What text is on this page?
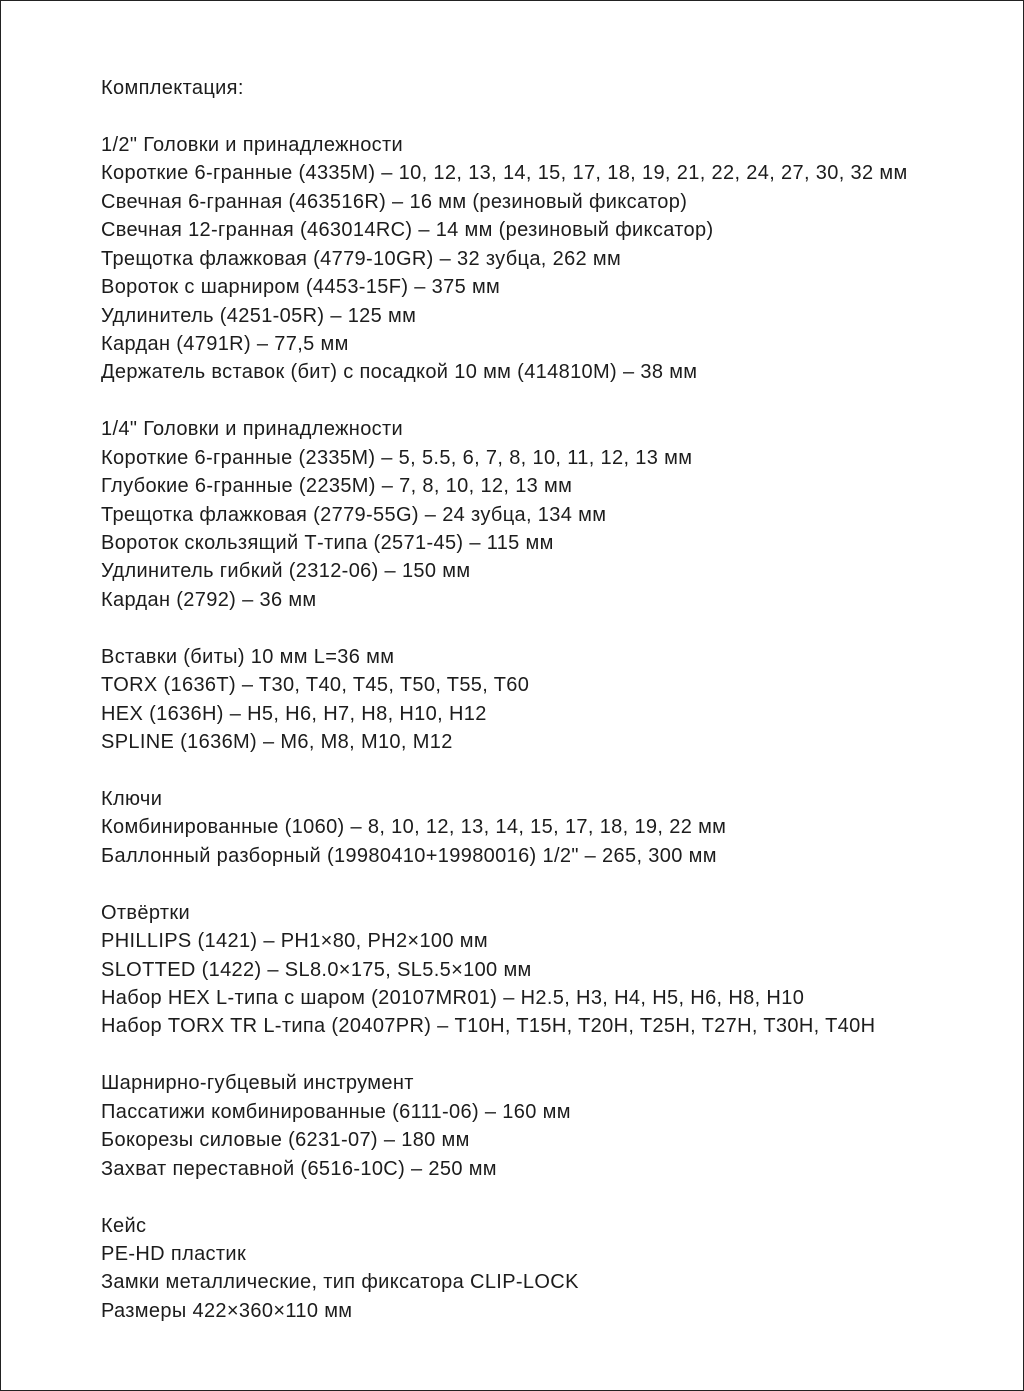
Комплектация:
1/2" Головки и принадлежности
Короткие 6-гранные (4335M) – 10, 12, 13, 14, 15, 17, 18, 19, 21, 22, 24, 27, 30, 32 мм
Свечная 6-гранная (463516R) – 16 мм (резиновый фиксатор)
Свечная 12-гранная (463014RC) – 14 мм (резиновый фиксатор)
Трещотка флажковая (4779-10GR) – 32 зубца, 262 мм
Вороток с шарниром (4453-15F) – 375 мм
Удлинитель (4251-05R) – 125 мм
Кардан (4791R) – 77,5 мм
Держатель вставок (бит) с посадкой 10 мм (414810M) – 38 мм
1/4" Головки и принадлежности
Короткие 6-гранные (2335M) – 5, 5.5, 6, 7, 8, 10, 11, 12, 13 мм
Глубокие 6-гранные (2235M) – 7, 8, 10, 12, 13 мм
Трещотка флажковая (2779-55G) – 24 зубца, 134 мм
Вороток скользящий Т-типа (2571-45) – 115 мм
Удлинитель гибкий (2312-06) – 150 мм
Кардан (2792) – 36 мм
Вставки (биты) 10 мм L=36 мм
TORX (1636T) – T30, T40, T45, T50, T55, T60
HEX (1636H) – H5, H6, H7, H8, H10, H12
SPLINE (1636M) – M6, M8, M10, M12
Ключи
Комбинированные (1060) – 8, 10, 12, 13, 14, 15, 17, 18, 19, 22 мм
Баллонный разборный (19980410+19980016) 1/2" – 265, 300 мм
Отвёртки
PHILLIPS (1421) – PH1×80, PH2×100 мм
SLOTTED (1422) – SL8.0×175, SL5.5×100 мм
Набор HEX L-типа с шаром (20107MR01) – H2.5, H3, H4, H5, H6, H8, H10
Набор TORX TR L-типа (20407PR) – T10H, T15H, T20H, T25H, T27H, T30H, T40H
Шарнирно-губцевый инструмент
Пассатижи комбинированные (6111-06) – 160 мм
Бокорезы силовые (6231-07) – 180 мм
Захват переставной (6516-10C) – 250 мм
Кейс
PE-HD пластик
Замки металлические, тип фиксатора CLIP-LOCK
Размеры 422×360×110 мм
